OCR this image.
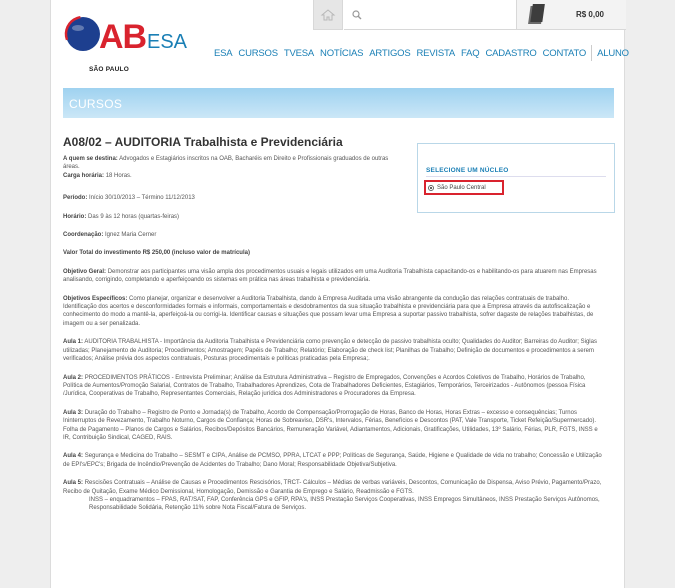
R$ 0,00
AB ESA
SÃO PAULO
ESA CURSOS TVESA NOTÍCIAS ARTIGOS REVISTA FAQ CADASTRO CONTATO	ALUNO
CURSOS
SELECIONE UM NÚCLEO
São Paulo Central
A08/02 – AUDITORIA Trabalhista e Previdenciária
A quem se destina: Advogados e Estagiários inscritos na OAB, Bacharéis em Direito e Profissionais graduados de outras áreas.
Carga horária: 18 Horas.
Período: Início 30/10/2013 – Término 11/12/2013
Horário: Das 9 às 12 horas (quartas-feiras)
Coordenação: Ignez Maria Cerner
Valor Total do investimento R$ 250,00 (incluso valor de matrícula)
Objetivo Geral: Demonstrar aos participantes uma visão ampla dos procedimentos usuais e legais utilizados em uma Auditoria Trabalhista capacitando-os e habilitando-os para atuarem nas Empresas analisando, corrigindo, completando e aperfeiçoando os sistemas em prática nas áreas trabalhista e previdenciária.
Objetivos Específicos: Como planejar, organizar e desenvolver a Auditoria Trabalhista, dando à Empresa Auditada uma visão abrangente da condução das relações contratuais de trabalho. Identificação dos acertos e desconformidades formais e informais, comportamentais e desdobramentos da sua situação trabalhista e previdenciária para que a Empresa através da autofiscalização e conhecimento do modo a mantê-la, aperfeiçoá-la ou corrigi-la. Identificar causas e situações que possam levar uma Empresa a suportar passivo trabalhista, sofrer dagaste de relações trabalhistas, de imagem ou a ser penalizada.
Aula 1: AUDITORIA TRABALHISTA - Importância da Auditoria Trabalhista e Previdenciária como prevenção e detecção de passivo trabalhista oculto; Qualidades do Auditor; Barreiras do Auditor; Siglas utilizadas; Planejamento de Auditoria; Procedimentos; Amostragem; Papéis de Trabalho; Relatório; Elaboração de check list; Planilhas de Trabalho; Definição de documentos e procedimentos a serem verificados; Análise prévia dos aspectos contratuais, Posturas procedimentais e políticas praticadas pela Empresa;.
Aula 2: PROCEDIMENTOS PRÁTICOS - Entrevista Preliminar; Análise da Estrutura Administrativa – Registro de Empregados, Convenções e Acordos Coletivos de Trabalho, Horários de Trabalho, Política de Aumentos/Promoção Salarial, Contratos de Trabalho, Trabalhadores Aprendizes, Cota de Trabalhadores Deficientes, Estagiários, Temporários, Terceirizados - Autônomos (pessoa Física /Jurídica, Cooperativas de Trabalho, Representantes Comerciais, Relação jurídica dos Administradores e Procuradores da Empresa.
Aula 3: Duração do Trabalho – Registro de Ponto e Jornada(s) de Trabalho, Acordo de Compensação/Prorrogação de Horas, Banco de Horas, Horas Extras – excesso e consequências; Turnos Ininterruptos de Revezamento, Trabalho Noturno, Cargos de Confiança; Horas de Sobreaviso, DSR's, Intervalos, Férias, Benefícios e Descontos (PAT, Vale Transporte, Ticket Refeição/Supermercado). Folha de Pagamento – Planos de Cargos e Salários, Recibos/Depósitos Bancários, Remuneração Variável, Adiantamentos, Adicionais, Gratificações, Utilidades, 13º Salário, Férias, PLR, FGTS, INSS e IR, Contribuição Sindical, CAGED, RAIS.
Aula 4: Segurança e Medicina do Trabalho – SESMT e CIPA, Análise de PCMSO, PPRA, LTCAT e PPP; Políticas de Segurança, Saúde, Higiene e Qualidade de vida no trabalho; Concessão e Utilização de EPI's/EPC's; Brigada de Incêndio/Prevenção de Acidentes do Trabalho; Dano Moral; Responsabilidade Objetiva/Subjetiva.
Aula 5: Rescisões Contratuais – Análise de Causas e Procedimentos Rescisórios, TRCT- Cálculos – Médias de verbas variáveis, Descontos, Comunicação de Dispensa, Aviso Prévio, Pagamento/Prazo, Recibo de Quitação, Exame Médico Demissional, Homologação, Demissão e Garantia de Emprego e Salário, Readmissão e FGTS.
INSS – enquadramentos – FPAS, RAT/SAT, FAP, Conferência GPS e GFIP, RPA's, INSS Prestação Serviços Cooperativas, INSS Empregos Simultâneos, INSS Prestação Serviços Autônomos, Responsabilidade Solidária, Retenção 11% sobre Nota Fiscal/Fatura de Serviços.
